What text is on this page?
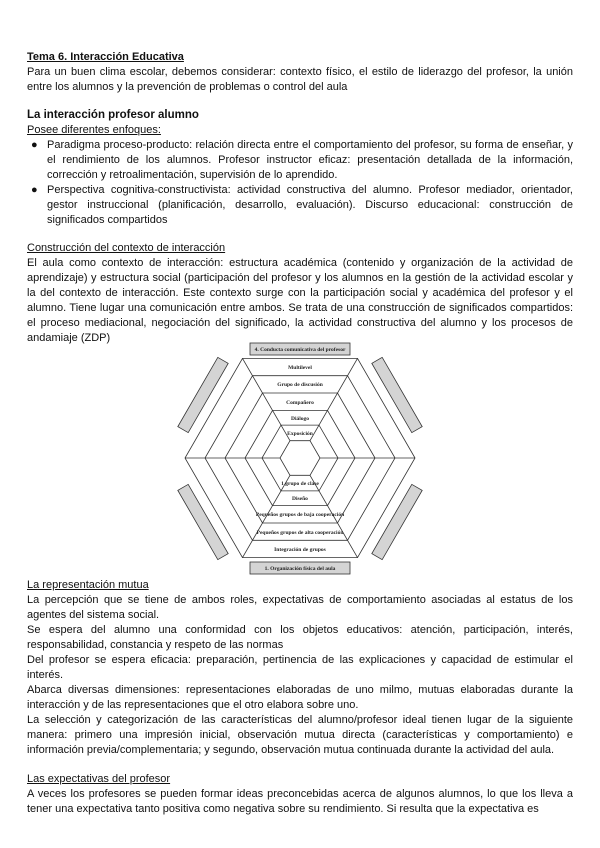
Tema 6. Interacción Educativa

Para un buen clima escolar, debemos considerar: contexto físico, el estilo de liderazgo del profesor, la unión entre los alumnos y la prevención de problemas o control del aula

La interacción profesor alumno

Posee diferentes enfoques:

● Paradigma proceso-producto: relación directa entre el comportamiento del profesor, su forma de enseñar, y el rendimiento de los alumnos. Profesor instructor eficaz: presentación detallada de la información, corrección y retroalimentación, supervisión de lo aprendido.
● Perspectiva cognitiva-constructivista: actividad constructiva del alumno. Profesor mediador, orientador, gestor instruccional (planificación, desarrollo, evaluación). Discurso educacional: construcción de significados compartidos

Construcción del contexto de interacción

El aula como contexto de interacción: estructura académica (contenido y organización de la actividad de aprendizaje) y estructura social (participación del profesor y los alumnos en la gestión de la actividad escolar y la del contexto de interacción. Este contexto surge con la participación social y académica del profesor y el alumno. Tiene lugar una comunicación entre ambos. Se trata de una construcción de significados compartidos: el proceso mediacional, negociación del significado, la actividad constructiva del alumno y los procesos de andamiaje (ZDP)

4. Conducta comunicativa del profesor
1. Organización física del aula
Multilevel
Grupo de discusión
Compañero
Diálogo
Exposición
1 grupo de clase
Diseño
Pequeños grupos de baja cooperación
Pequeños grupos de alta cooperación
Integración de grupos

La representación mutua

La percepción que se tiene de ambos roles, expectativas de comportamiento asociadas al estatus de los agentes del sistema social.

Se espera del alumno una conformidad con los objetos educativos: atención, participación, interés, responsabilidad, constancia y respeto de las normas

Del profesor se espera eficacia: preparación, pertinencia de las explicaciones y capacidad de estimular el interés.

Abarca diversas dimensiones: representaciones elaboradas de uno milmo, mutuas elaboradas durante la interacción y de las representaciones que el otro elabora sobre uno.

La selección y categorización de las características del alumno/profesor ideal tienen lugar de la siguiente manera: primero una impresión inicial, observación mutua directa (características y comportamiento) e información previa/complementaria; y segundo, observación mutua continuada durante la actividad del aula.

Las expectativas del profesor

A veces los profesores se pueden formar ideas preconcebidas acerca de algunos alumnos, lo que los lleva a tener una expectativa tanto positiva como negativa sobre su rendimiento. Si resulta que la expectativa es
